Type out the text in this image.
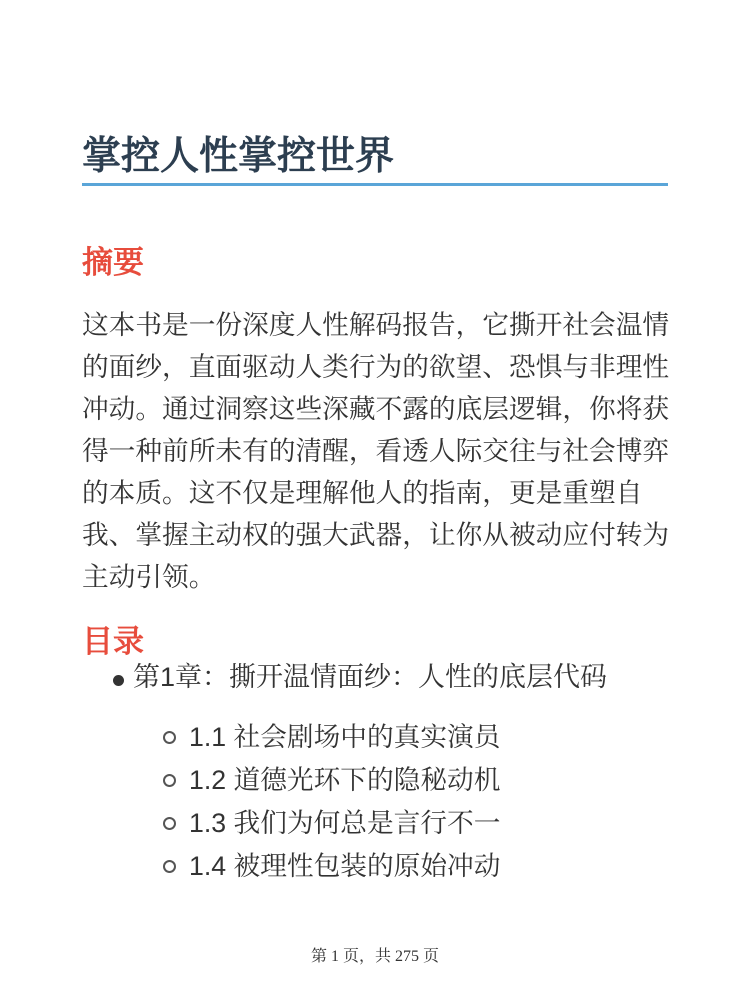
掌控人性掌控世界
摘要

这本书是一份深度人性解码报告，它撕开社会温情的面纱，直面驱动人类行为的欲望、恐惧与非理性冲动。通过洞察这些深藏不露的底层逻辑，你将获得一种前所未有的清醒，看透人际交往与社会博弈的本质。这不仅是理解他人的指南，更是重塑自我、掌握主动权的强大武器，让你从被动应付转为主动引领。

目录
第1章：撕开温情面纱：人性的底层代码
1.1 社会剧场中的真实演员
1.2 道德光环下的隐秘动机
1.3 我们为何总是言行不一
1.4 被理性包装的原始冲动
第 1 页，共 275 页
